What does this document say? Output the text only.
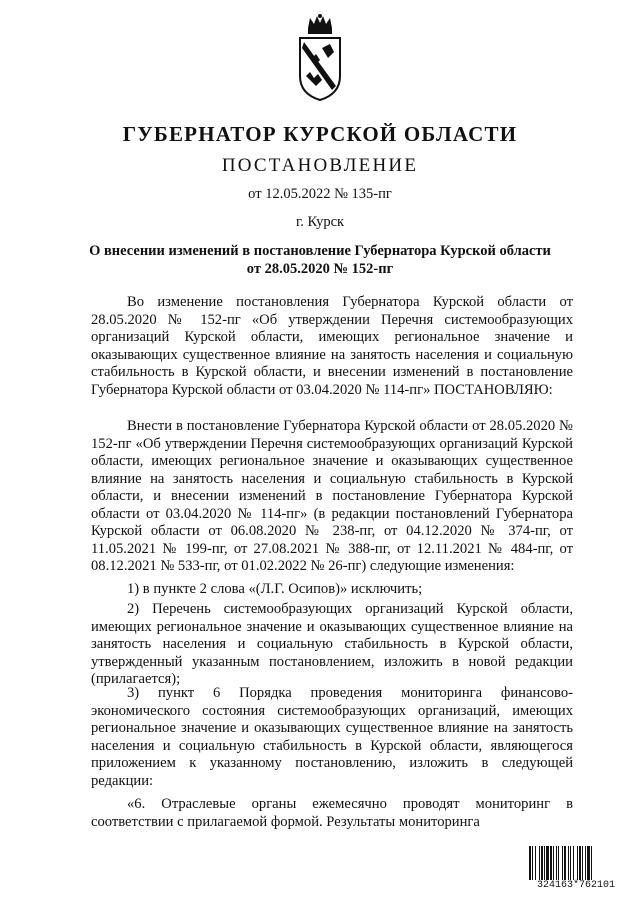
ГУБЕРНАТОР КУРСКОЙ ОБЛАСТИ
ПОСТАНОВЛЕНИЕ
от 12.05.2022 № 135-пг
г. Курск
О внесении изменений в постановление Губернатора Курской области
от 28.05.2020 № 152-пг

Во изменение постановления Губернатора Курской области от 28.05.2020 № 152-пг «Об утверждении Перечня системообразующих организаций Курской области, имеющих региональное значение и оказывающих существенное влияние на занятость населения и социальную стабильность в Курской области, и внесении изменений в постановление Губернатора Курской области от 03.04.2020 № 114-пг» ПОСТАНОВЛЯЮ:

Внести в постановление Губернатора Курской области от 28.05.2020 № 152-пг «Об утверждении Перечня системообразующих организаций Курской области, имеющих региональное значение и оказывающих существенное влияние на занятость населения и социальную стабильность в Курской области, и внесении изменений в постановление Губернатора Курской области от 03.04.2020 № 114-пг» (в редакции постановлений Губернатора Курской области от 06.08.2020 № 238-пг, от 04.12.2020 № 374-пг, от 11.05.2021 № 199-пг, от 27.08.2021 № 388-пг, от 12.11.2021 № 484-пг, от 08.12.2021 № 533-пг, от 01.02.2022 № 26-пг) следующие изменения:

1) в пункте 2 слова «(Л.Г. Осипов)» исключить;

2) Перечень системообразующих организаций Курской области, имеющих региональное значение и оказывающих существенное влияние на занятость населения и социальную стабильность в Курской области, утвержденный указанным постановлением, изложить в новой редакции (прилагается);

3) пункт 6 Порядка проведения мониторинга финансово-экономического состояния системообразующих организаций, имеющих региональное значение и оказывающих существенное влияние на занятость населения и социальную стабильность в Курской области, являющегося приложением к указанному постановлению, изложить в следующей редакции:

«6. Отраслевые органы ежемесячно проводят мониторинг в соответствии с прилагаемой формой. Результаты мониторинга

324163*762101
